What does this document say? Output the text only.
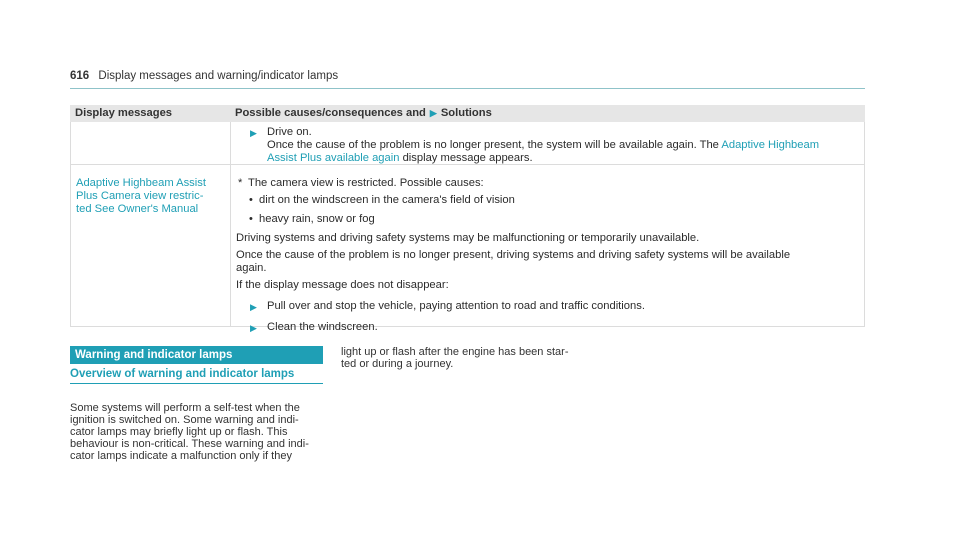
616 Display messages and warning/indicator lamps
Display messages	Possible causes/consequences and ▶ Solutions
▶ Drive on.
Once the cause of the problem is no longer present, the system will be available again. The Adaptive Highbeam
Assist Plus available again display message appears.
Adaptive Highbeam Assist
Plus Camera view restric-
ted See Owner's Manual
* The camera view is restricted. Possible causes:
• dirt on the windscreen in the camera's field of vision
• heavy rain, snow or fog
Driving systems and driving safety systems may be malfunctioning or temporarily unavailable.
Once the cause of the problem is no longer present, driving systems and driving safety systems will be available again.
If the display message does not disappear:
▶ Pull over and stop the vehicle, paying attention to road and traffic conditions.
▶ Clean the windscreen.
Warning and indicator lamps
Overview of warning and indicator lamps
Some systems will perform a self-test when the
ignition is switched on. Some warning and indi-
cator lamps may briefly light up or flash. This
behaviour is non-critical. These warning and indi-
cator lamps indicate a malfunction only if they
light up or flash after the engine has been star-
ted or during a journey.
